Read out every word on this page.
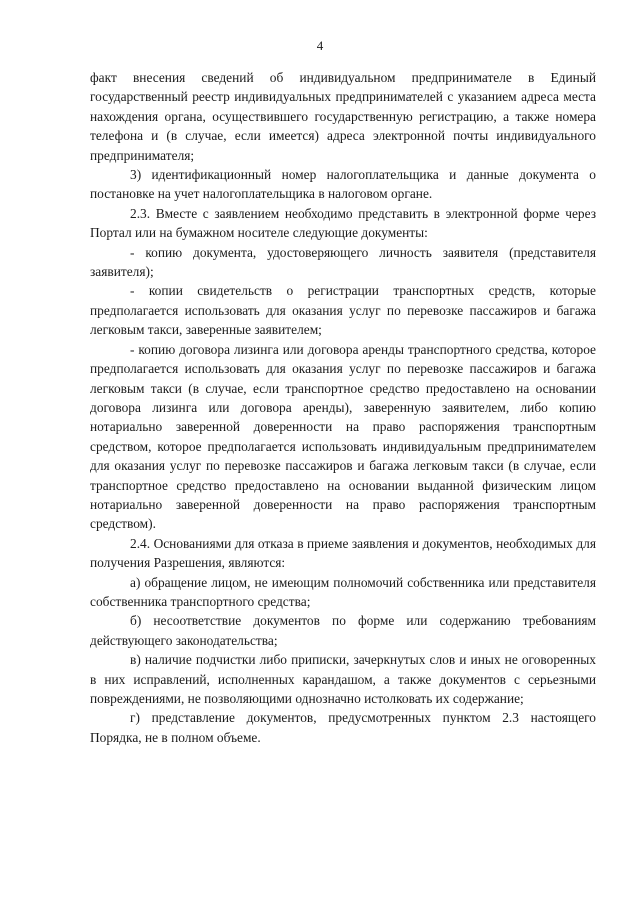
4

факт внесения сведений об индивидуальном предпринимателе в Единый государственный реестр индивидуальных предпринимателей с указанием адреса места нахождения органа, осуществившего государственную регистрацию, а также номера телефона и (в случае, если имеется) адреса электронной почты индивидуального предпринимателя;

3) идентификационный номер налогоплательщика и данные документа о постановке на учет налогоплательщика в налоговом органе.

2.3. Вместе с заявлением необходимо представить в электронной форме через Портал или на бумажном носителе следующие документы:

- копию документа, удостоверяющего личность заявителя (представителя заявителя);

- копии свидетельств о регистрации транспортных средств, которые предполагается использовать для оказания услуг по перевозке пассажиров и багажа легковым такси, заверенные заявителем;

- копию договора лизинга или договора аренды транспортного средства, которое предполагается использовать для оказания услуг по перевозке пассажиров и багажа легковым такси (в случае, если транспортное средство предоставлено на основании договора лизинга или договора аренды), заверенную заявителем, либо копию нотариально заверенной доверенности на право распоряжения транспортным средством, которое предполагается использовать индивидуальным предпринимателем для оказания услуг по перевозке пассажиров и багажа легковым такси (в случае, если транспортное средство предоставлено на основании выданной физическим лицом нотариально заверенной доверенности на право распоряжения транспортным средством).

2.4. Основаниями для отказа в приеме заявления и документов, необходимых для получения Разрешения, являются:

а) обращение лицом, не имеющим полномочий собственника или представителя собственника транспортного средства;

б) несоответствие документов по форме или содержанию требованиям действующего законодательства;

в) наличие подчистки либо приписки, зачеркнутых слов и иных не оговоренных в них исправлений, исполненных карандашом, а также документов с серьезными повреждениями, не позволяющими однозначно истолковать их содержание;

г) представление документов, предусмотренных пунктом 2.3 настоящего Порядка, не в полном объеме.
